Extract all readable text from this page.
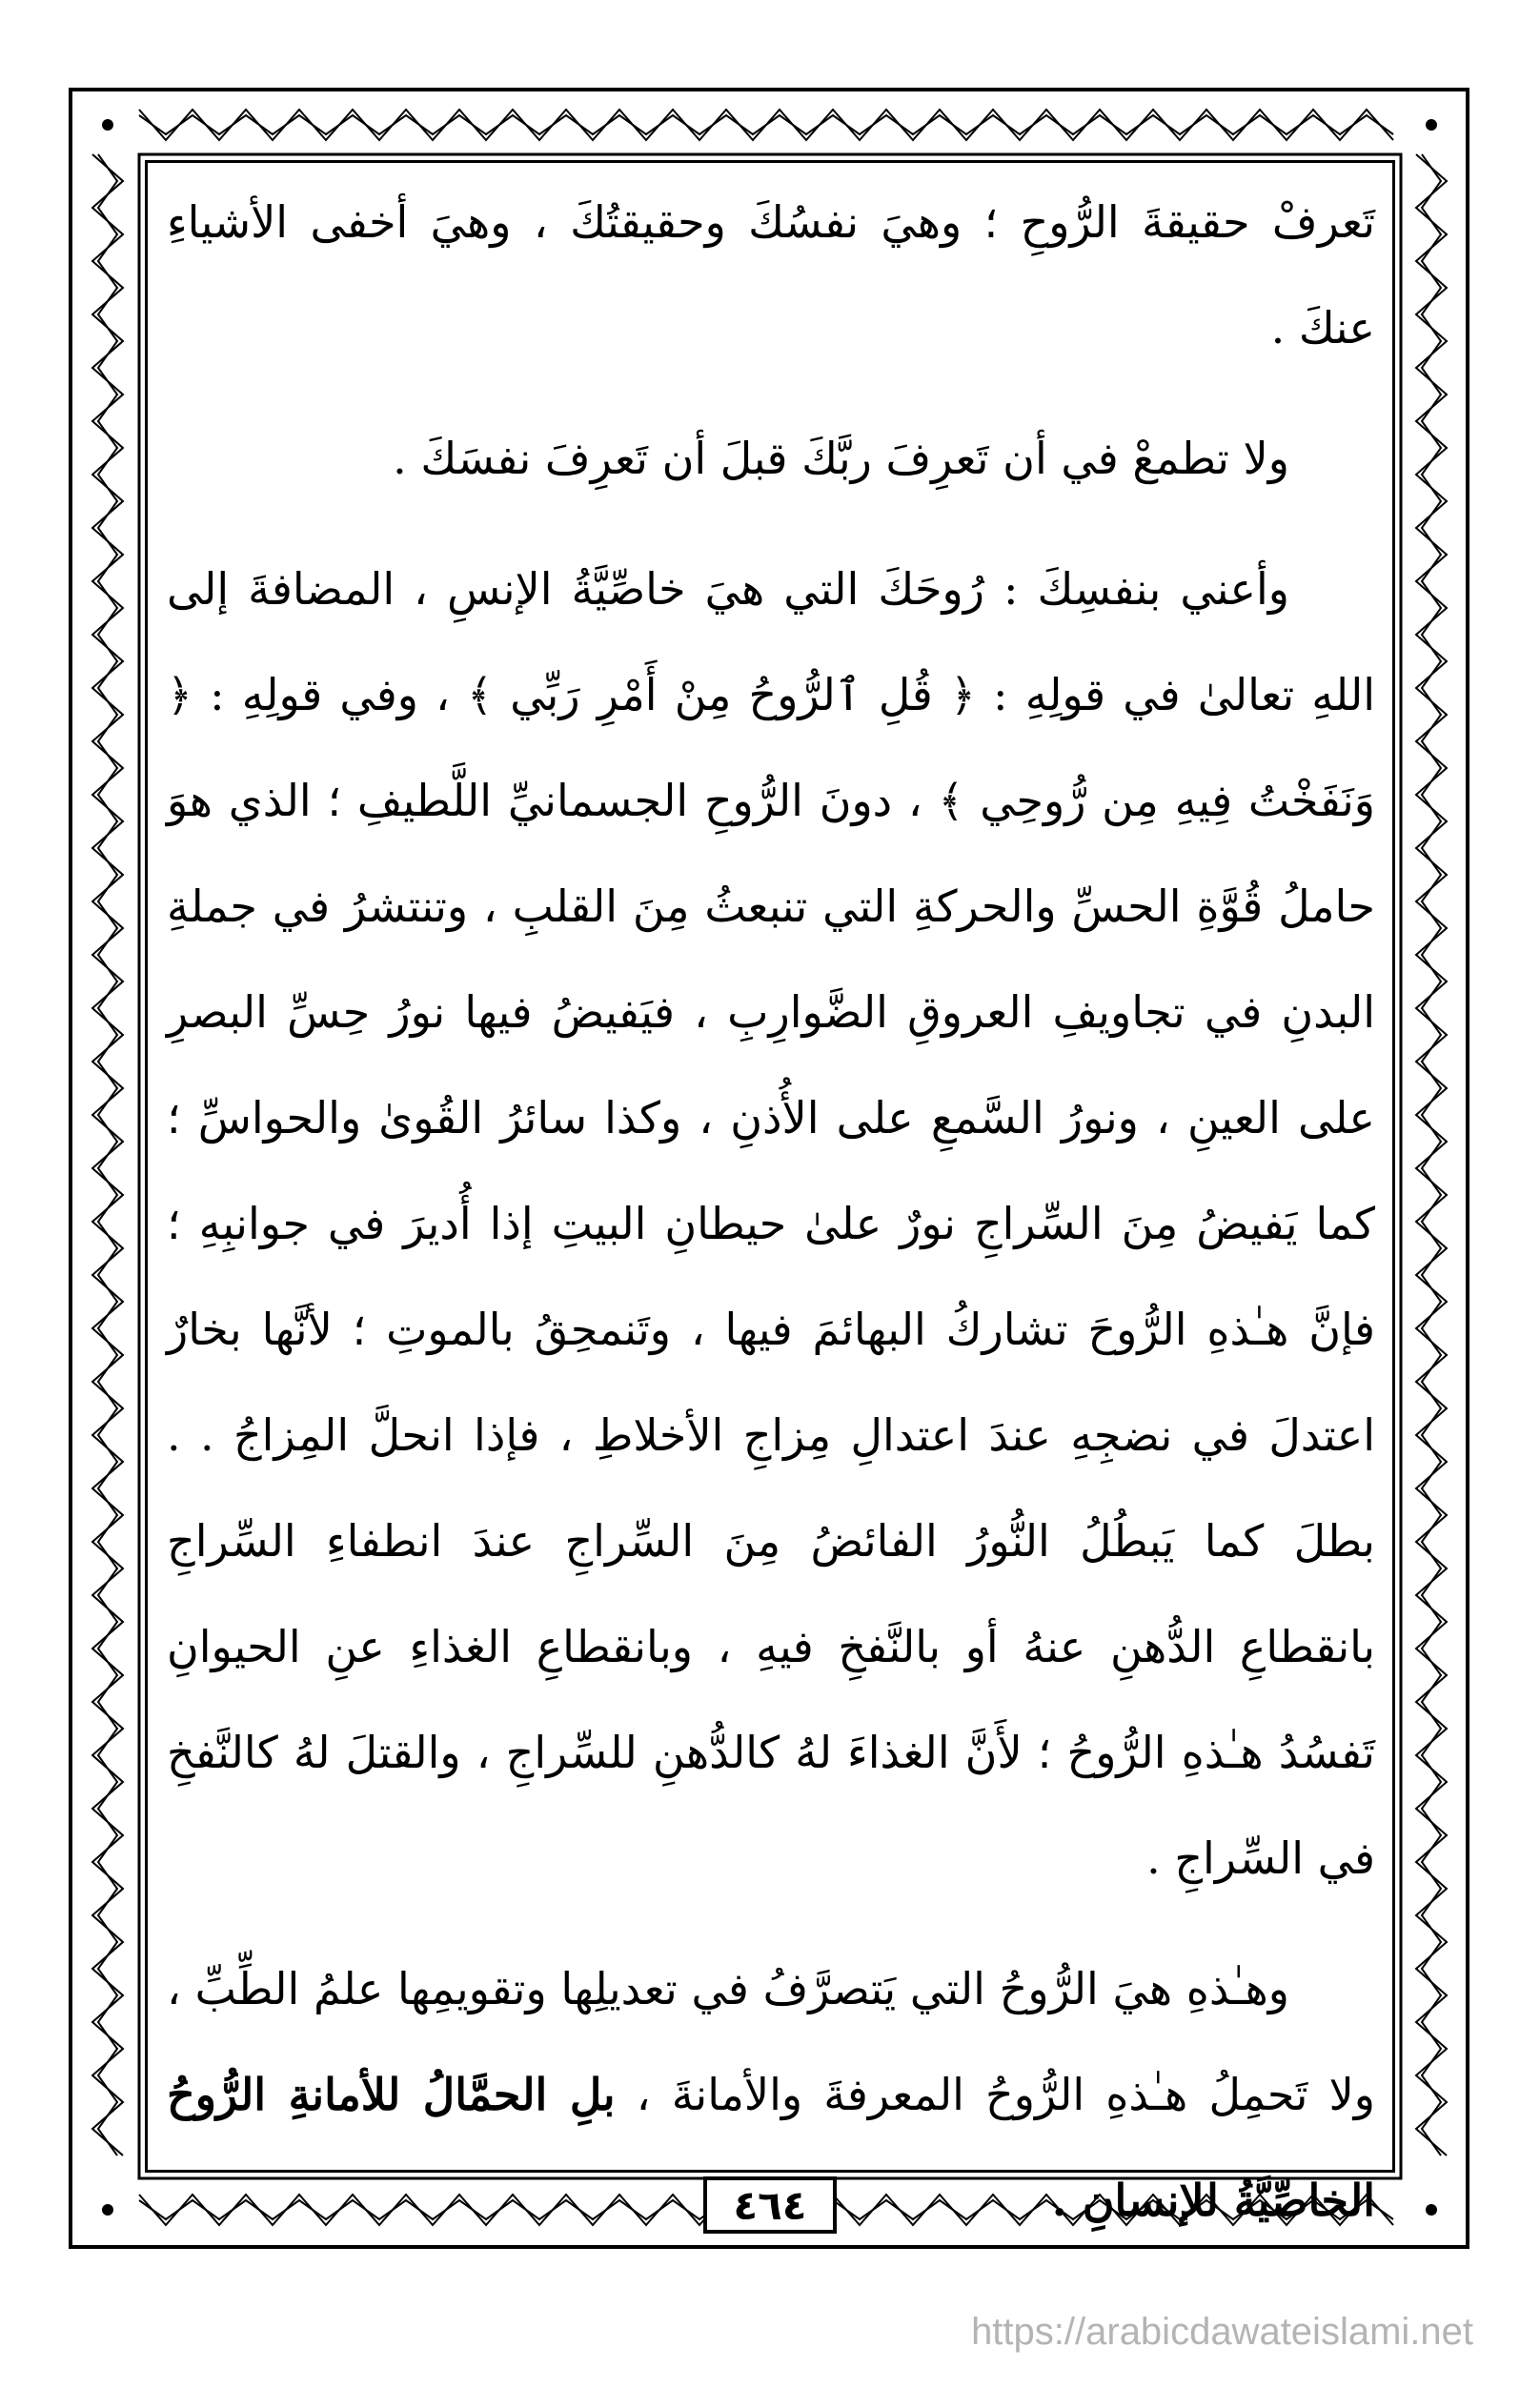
تَعرفْ حقيقةَ الرُّوحِ ؛ وهيَ نفسُكَ وحقيقتُكَ ، وهيَ أخفى الأشياءِ عنكَ .

ولا تطمعْ في أن تَعرِفَ ربَّكَ قبلَ أن تَعرِفَ نفسَكَ .

وأعني بنفسِكَ : رُوحَكَ التي هيَ خاصِّيَّةُ الإنسِ ، المضافةَ إلى اللهِ تعالىٰ في قولِهِ : ﴿ قُلِ ٱلرُّوحُ مِنْ أَمْرِ رَبِّي ﴾ ، وفي قولِهِ : ﴿ وَنَفَخْتُ فِيهِ مِن رُّوحِي ﴾ ، دونَ الرُّوحِ الجسمانيِّ اللَّطيفِ ؛ الذي هوَ حاملُ قُوَّةِ الحسِّ والحركةِ التي تنبعثُ مِنَ القلبِ ، وتنتشرُ في جملةِ البدنِ في تجاويفِ العروقِ الضَّوارِبِ ، فيَفيضُ فيها نورُ حِسِّ البصرِ على العينِ ، ونورُ السَّمعِ على الأُذنِ ، وكذا سائرُ القُوىٰ والحواسِّ ؛ كما يَفيضُ مِنَ السِّراجِ نورٌ علىٰ حيطانِ البيتِ إذا أُديرَ في جوانبِهِ ؛ فإنَّ هـٰذهِ الرُّوحَ تشاركُ البهائمَ فيها ، وتَنمحِقُ بالموتِ ؛ لأنَّها بخارٌ اعتدلَ في نضجِهِ عندَ اعتدالِ مِزاجِ الأخلاطِ ، فإذا انحلَّ المِزاجُ . . بطلَ كما يَبطُلُ النُّورُ الفائضُ مِنَ السِّراجِ عندَ انطفاءِ السِّراجِ بانقطاعِ الدُّهنِ عنهُ أو بالنَّفخِ فيهِ ، وبانقطاعِ الغذاءِ عنِ الحيوانِ تَفسُدُ هـٰذهِ الرُّوحُ ؛ لأَنَّ الغذاءَ لهُ كالدُّهنِ للسِّراجِ ، والقتلَ لهُ كالنَّفخِ في السِّراجِ .

وهـٰذهِ هيَ الرُّوحُ التي يَتصرَّفُ في تعديلِها وتقويمِها علمُ الطِّبِّ ، ولا تَحمِلُ هـٰذهِ الرُّوحُ المعرفةَ والأمانةَ ، بلِ الحمَّالُ للأمانةِ الرُّوحُ الخاصِّيَّةُ للإنسانِ .

٤٦٤
https://arabicdawateislami.net
